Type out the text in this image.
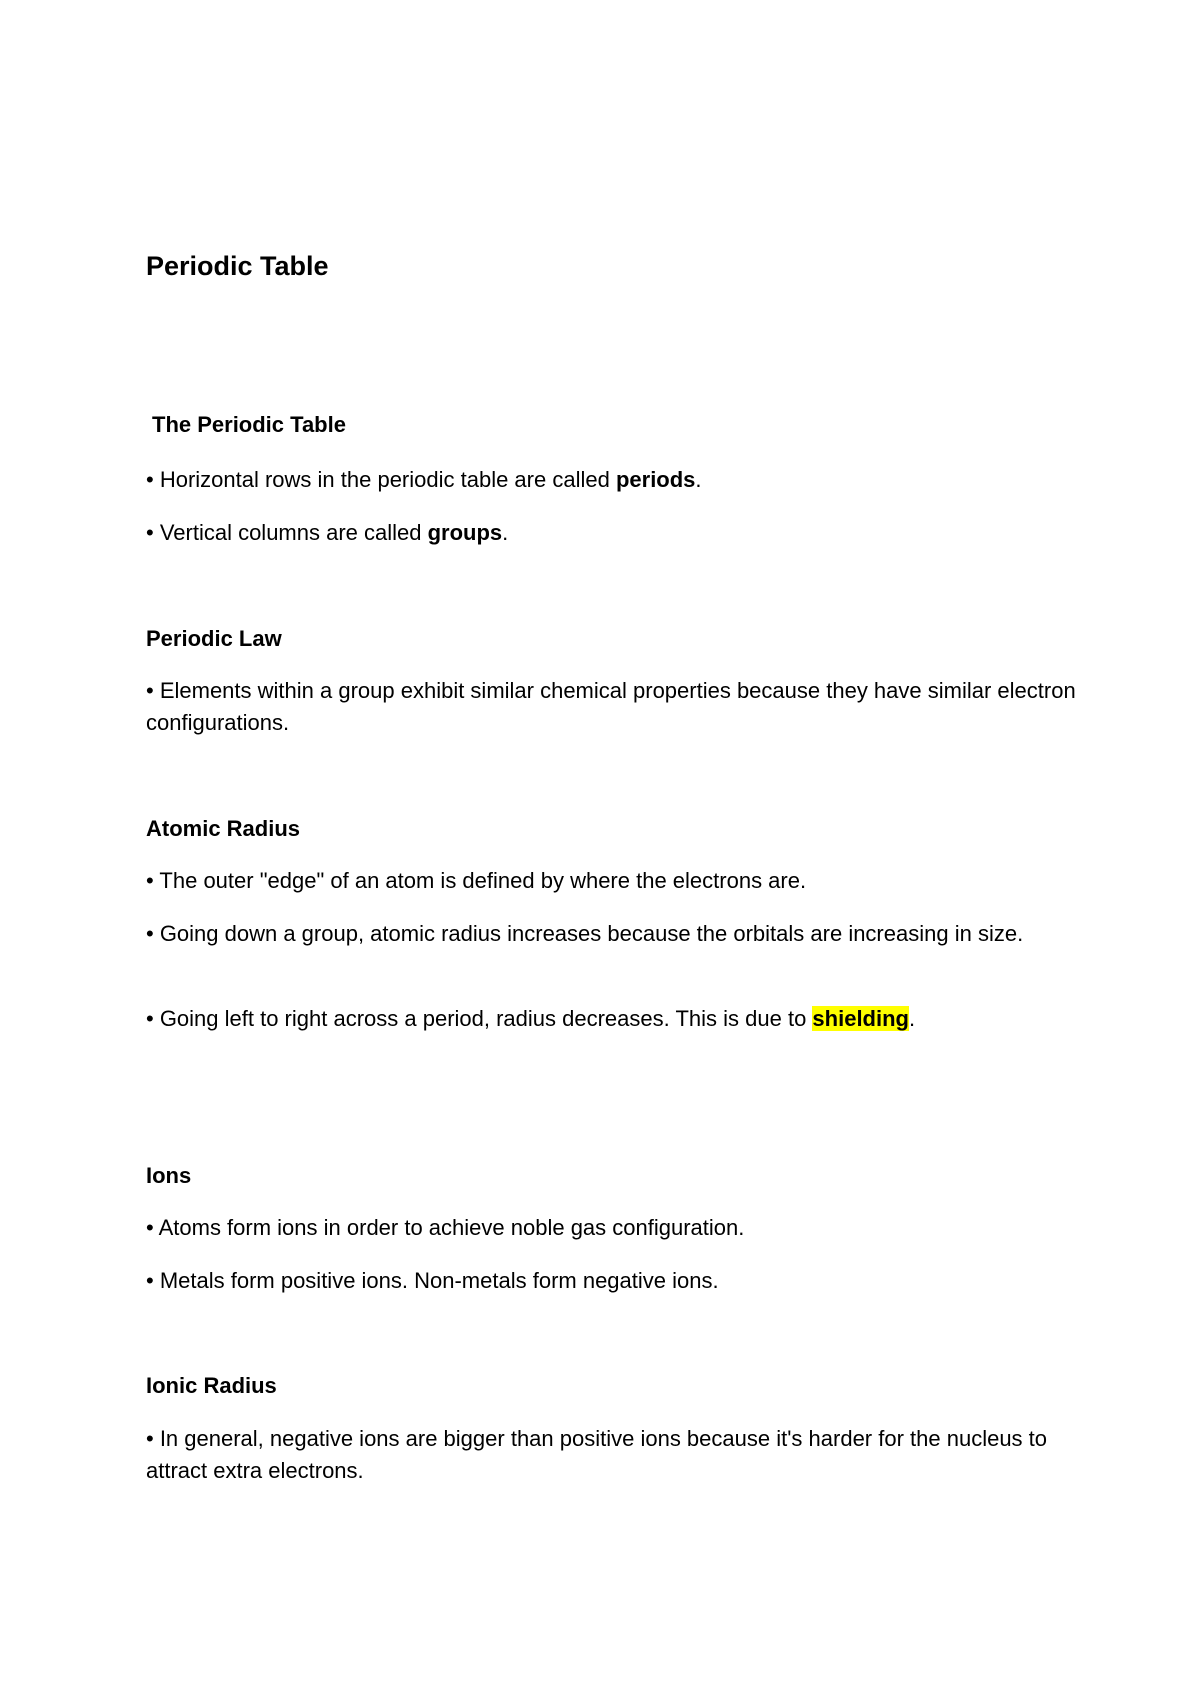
Periodic Table
The Periodic Table

• Horizontal rows in the periodic table are called periods.

• Vertical columns are called groups.

Periodic Law

• Elements within a group exhibit similar chemical properties because they have similar electron configurations.

Atomic Radius

• The outer "edge" of an atom is defined by where the electrons are.

• Going down a group, atomic radius increases because the orbitals are increasing in size.

• Going left to right across a period, radius decreases. This is due to shielding.

Ions

• Atoms form ions in order to achieve noble gas configuration.

• Metals form positive ions. Non-metals form negative ions.

Ionic Radius

• In general, negative ions are bigger than positive ions because it's harder for the nucleus to attract extra electrons.
